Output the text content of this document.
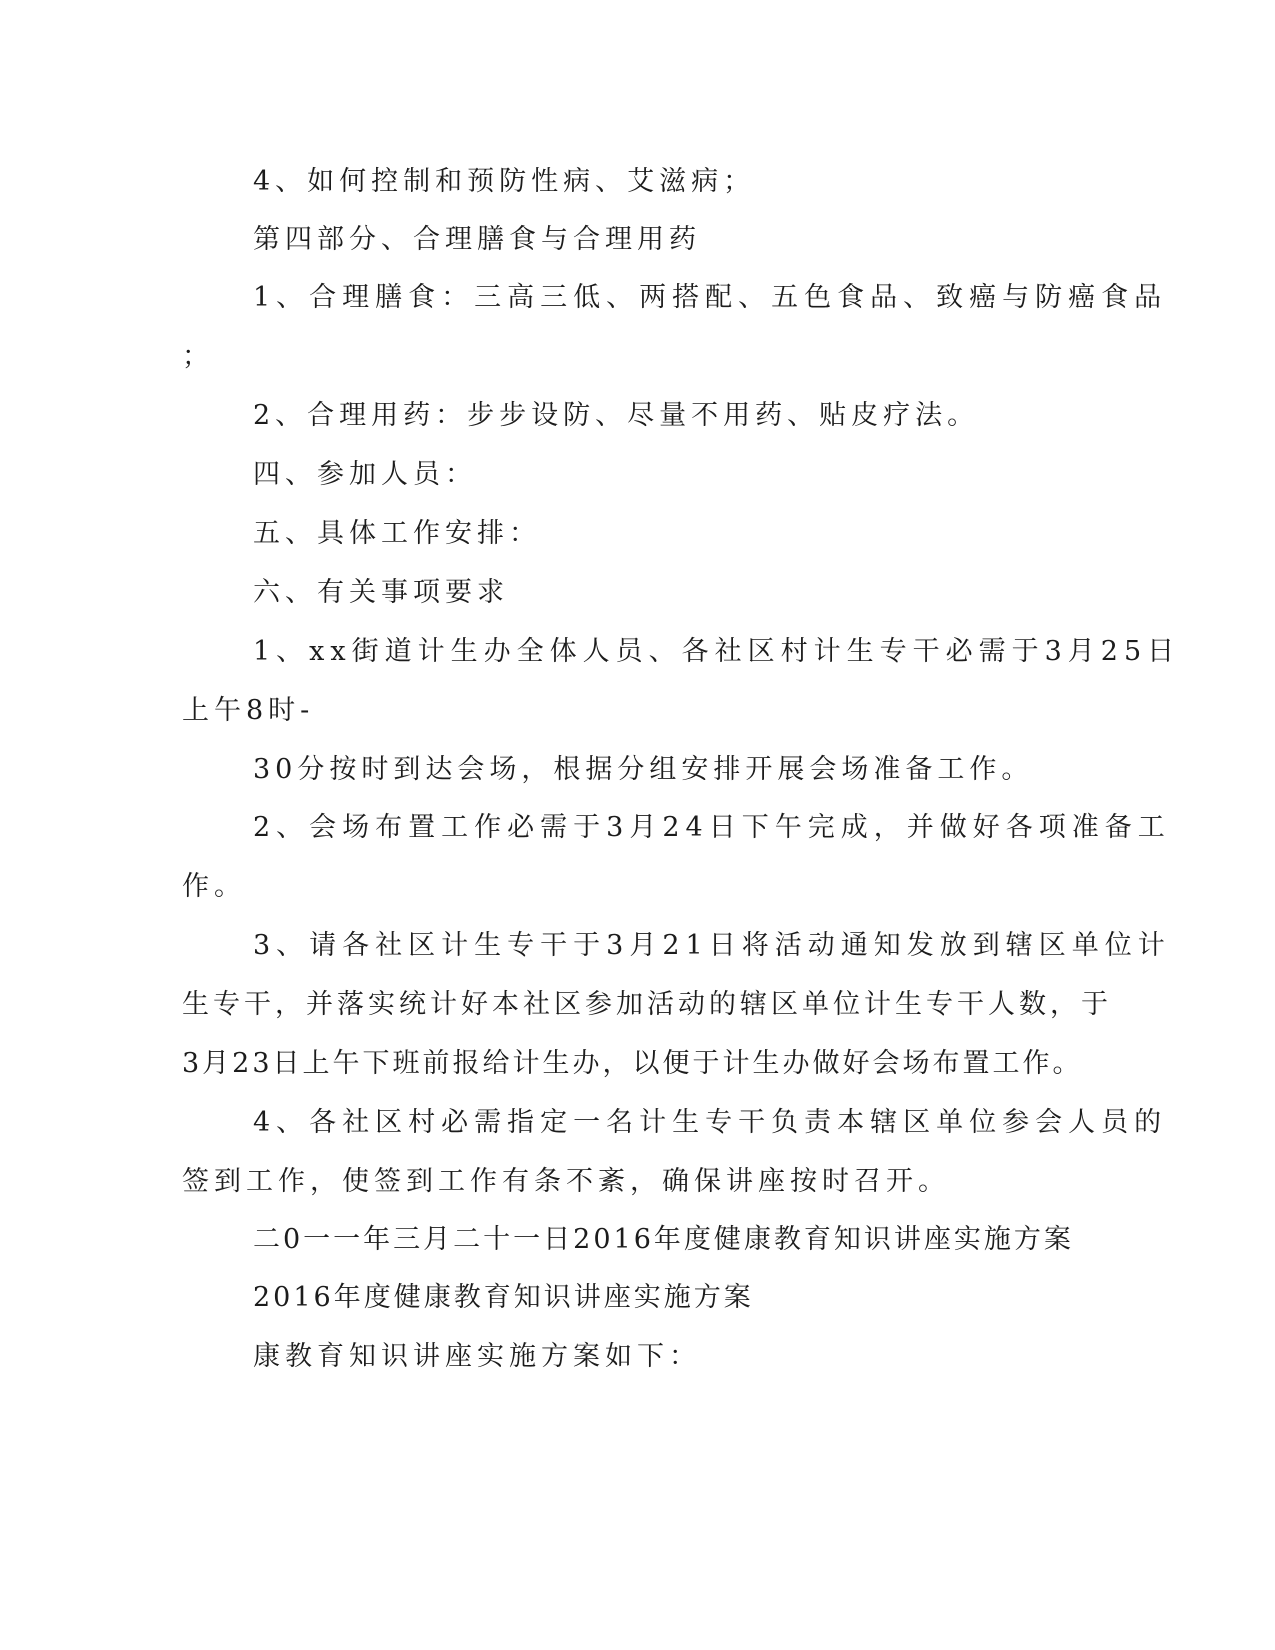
4、如何控制和预防性病、艾滋病；
第四部分、合理膳食与合理用药
1、合理膳食：三高三低、两搭配、五色食品、致癌与防癌食品
；
2、合理用药：步步设防、尽量不用药、贴皮疗法。
四、参加人员：
五、具体工作安排：
六、有关事项要求
1、xx街道计生办全体人员、各社区村计生专干必需于3月25日
上午8时-
30分按时到达会场，根据分组安排开展会场准备工作。
2、会场布置工作必需于3月24日下午完成，并做好各项准备工
作。
3、请各社区计生专干于3月21日将活动通知发放到辖区单位计
生专干，并落实统计好本社区参加活动的辖区单位计生专干人数，于
3月23日上午下班前报给计生办，以便于计生办做好会场布置工作。
4、各社区村必需指定一名计生专干负责本辖区单位参会人员的
签到工作，使签到工作有条不紊，确保讲座按时召开。
二0一一年三月二十一日2016年度健康教育知识讲座实施方案
2016年度健康教育知识讲座实施方案
康教育知识讲座实施方案如下：
